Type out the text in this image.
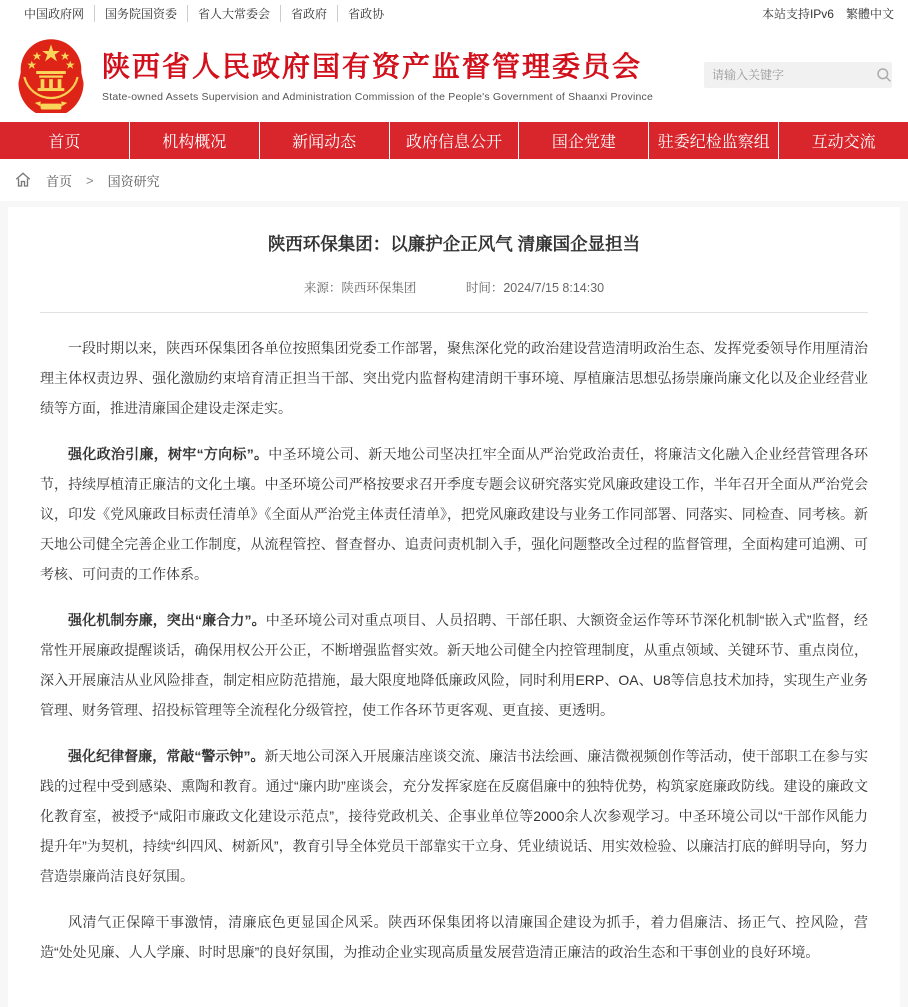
中国政府网	国务院国资委	省人大常委会	省政府	省政协	本站支持IPv6 繁體中文
陕西省人民政府国有资产监督管理委员会
State-owned Assets Supervision and Administration Commission of the People's Government of Shaanxi Province
请输入关键字
首页	机构概况	新闻动态	政府信息公开	国企党建	驻委纪检监察组	互动交流
首页 > 国资研究
陕西环保集团：以廉护企正风气 清廉国企显担当
来源：陕西环保集团	时间：2024/7/15 8:14:30

一段时期以来，陕西环保集团各单位按照集团党委工作部署，聚焦深化党的政治建设营造清明政治生态、发挥党委领导作用厘清治理主体权责边界、强化激励约束培育清正担当干部、突出党内监督构建清朗干事环境、厚植廉洁思想弘扬崇廉尚廉文化以及企业经营业绩等方面，推进清廉国企建设走深走实。

强化政治引廉，树牢“方向标”。中圣环境公司、新天地公司坚决扛牢全面从严治党政治责任，将廉洁文化融入企业经营管理各环节，持续厚植清正廉洁的文化土壤。中圣环境公司严格按要求召开季度专题会议研究落实党风廉政建设工作，半年召开全面从严治党会议，印发《党风廉政目标责任清单》《全面从严治党主体责任清单》，把党风廉政建设与业务工作同部署、同落实、同检查、同考核。新天地公司健全完善企业工作制度，从流程管控、督查督办、追责问责机制入手，强化问题整改全过程的监督管理，全面构建可追溯、可考核、可问责的工作体系。

强化机制夯廉，突出“廉合力”。中圣环境公司对重点项目、人员招聘、干部任职、大额资金运作等环节深化机制“嵌入式”监督，经常性开展廉政提醒谈话，确保用权公开公正，不断增强监督实效。新天地公司健全内控管理制度，从重点领域、关键环节、重点岗位，深入开展廉洁从业风险排查，制定相应防范措施，最大限度地降低廉政风险，同时利用ERP、OA、U8等信息技术加持，实现生产业务管理、财务管理、招投标管理等全流程化分级管控，使工作各环节更客观、更直接、更透明。

强化纪律督廉，常敲“警示钟”。新天地公司深入开展廉洁座谈交流、廉洁书法绘画、廉洁微视频创作等活动，使干部职工在参与实践的过程中受到感染、熏陶和教育。通过“廉内助”座谈会，充分发挥家庭在反腐倡廉中的独特优势，构筑家庭廉政防线。建设的廉政文化教育室，被授予“咸阳市廉政文化建设示范点”，接待党政机关、企事业单位等2000余人次参观学习。中圣环境公司以“干部作风能力提升年”为契机，持续“纠四风、树新风”，教育引导全体党员干部靠实干立身、凭业绩说话、用实效检验、以廉洁打底的鲜明导向，努力营造崇廉尚洁良好氛围。

风清气正保障干事激情，清廉底色更显国企风采。陕西环保集团将以清廉国企建设为抓手，着力倡廉洁、扬正气、控风险，营造“处处见廉、人人学廉、时时思廉”的良好氛围，为推动企业实现高质量发展营造清正廉洁的政治生态和干事创业的良好环境。
